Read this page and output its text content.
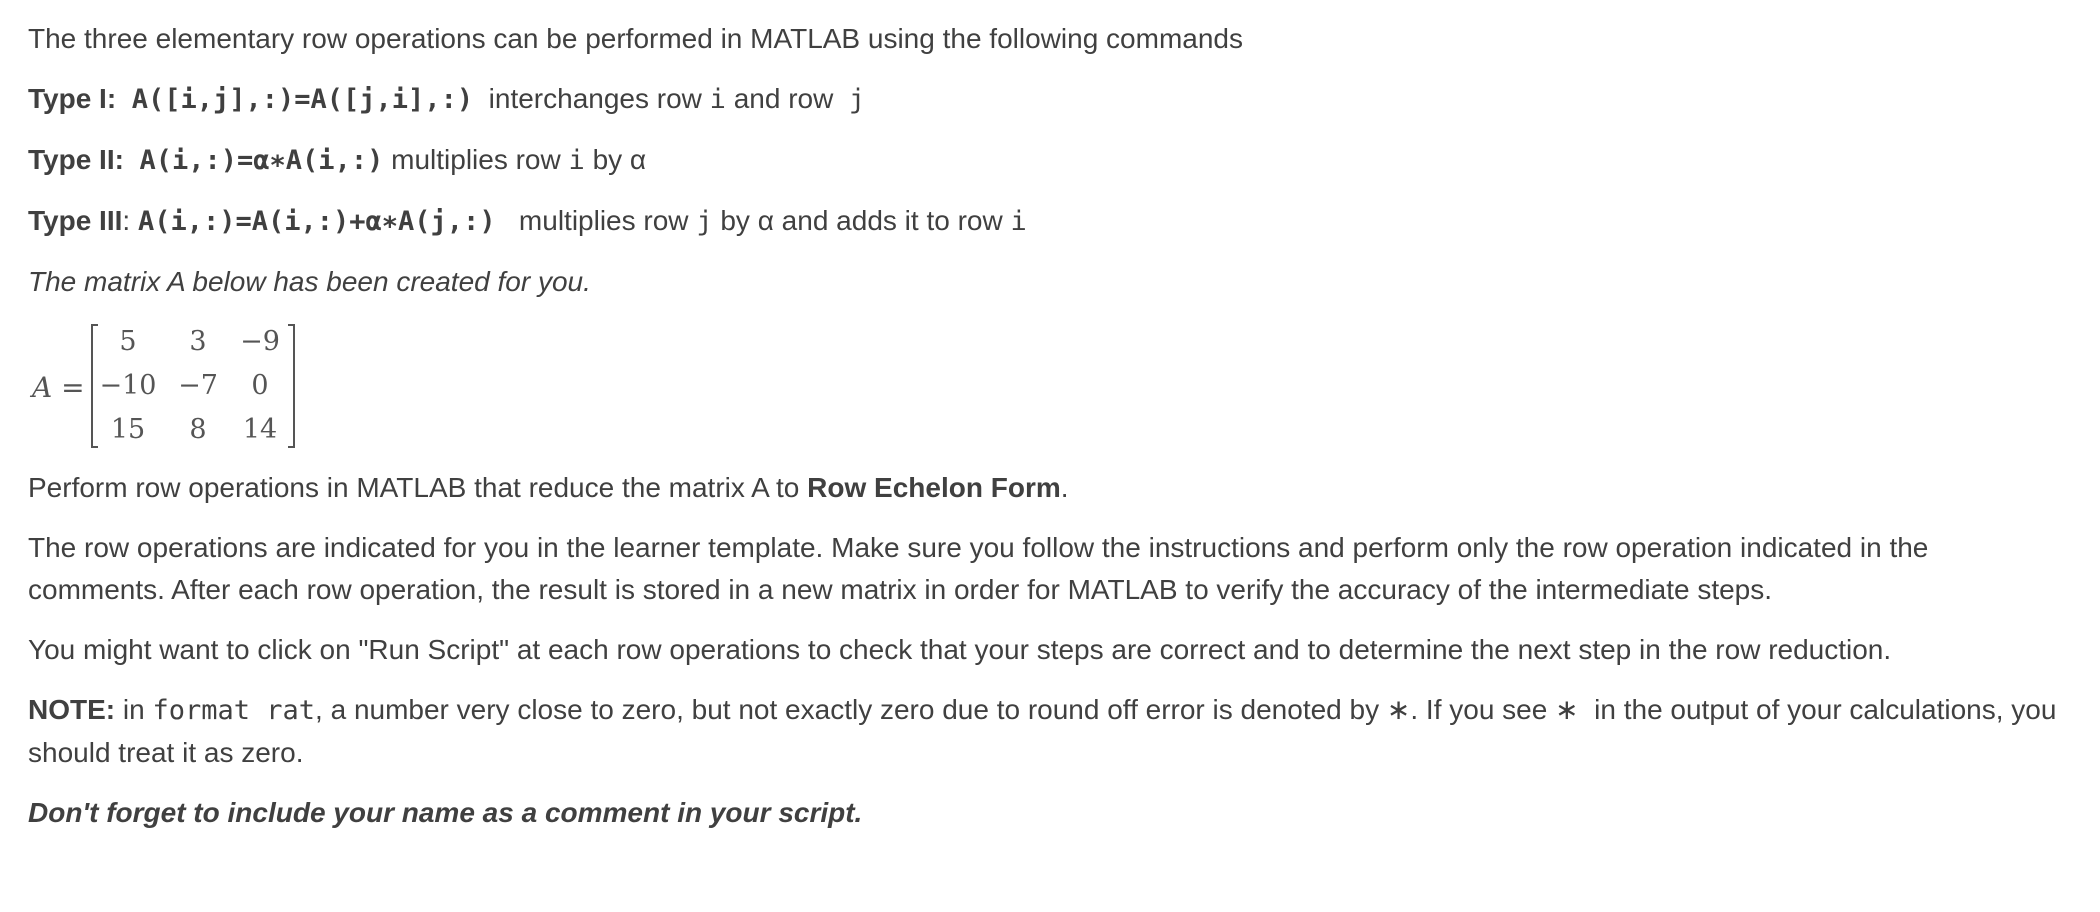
The three elementary row operations can be performed in MATLAB using the following commands

Type I: A([i,j],:)=A([j,i],:) interchanges row i and row j

Type II: A(i,:)=α∗A(i,:) multiplies row i by α

Type III: A(i,:)=A(i,:)+α∗A(j,:) multiplies row j by α and adds it to row i

The matrix A below has been created for you.

A =
5	3	−9
−10 −7	0
15	8	14

Perform row operations in MATLAB that reduce the matrix A to Row Echelon Form.

The row operations are indicated for you in the learner template. Make sure you follow the instructions and perform only the row operation indicated in the comments. After each row operation, the result is stored in a new matrix in order for MATLAB to verify the accuracy of the intermediate steps.

You might want to click on "Run Script" at each row operations to check that your steps are correct and to determine the next step in the row reduction.

NOTE: in format rat, a number very close to zero, but not exactly zero due to round off error is denoted by ∗. If you see ∗ in the output of your calculations, you should treat it as zero.

Don't forget to include your name as a comment in your script.
